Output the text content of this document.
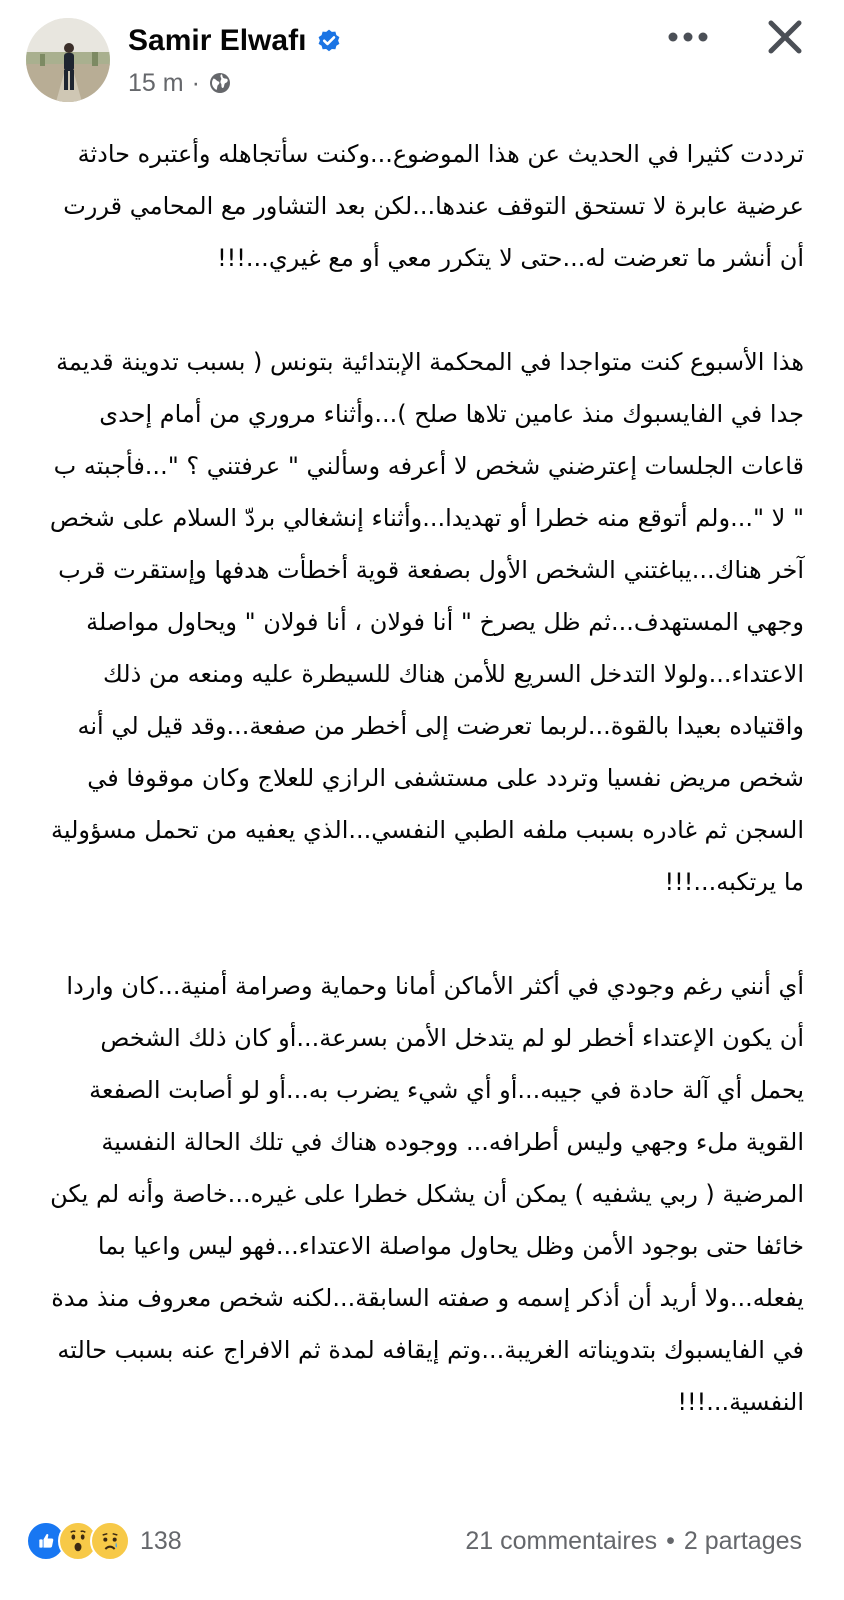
Samir Elwafı
15 m ·

ترددت كثيرا في الحديث عن هذا الموضوع...وكنت سأتجاهله وأعتبره حادثة عرضية عابرة لا تستحق التوقف عندها...لكن بعد التشاور مع المحامي قررت أن أنشر ما تعرضت له...حتى لا يتكرر معي أو مع غيري...!!!

هذا الأسبوع كنت متواجدا في المحكمة الإبتدائية بتونس ( بسبب تدوينة قديمة جدا في الفايسبوك منذ عامين تلاها صلح )...وأثناء مروري من أمام إحدى قاعات الجلسات إعترضني شخص لا أعرفه وسألني " عرفتني ؟ "...فأجبته ب " لا "...ولم أتوقع منه خطرا أو تهديدا...وأثناء إنشغالي بردّ السلام على شخص آخر هناك...يباغتني الشخص الأول بصفعة قوية أخطأت هدفها وإستقرت قرب وجهي المستهدف...ثم ظل يصرخ " أنا فولان ، أنا فولان " ويحاول مواصلة الاعتداء...ولولا التدخل السريع للأمن هناك للسيطرة عليه ومنعه من ذلك واقتياده بعيدا بالقوة...لربما تعرضت إلى أخطر من صفعة...وقد قيل لي أنه شخص مريض نفسيا وتردد على مستشفى الرازي للعلاج وكان موقوفا في السجن ثم غادره بسبب ملفه الطبي النفسي...الذي يعفيه من تحمل مسؤولية ما يرتكبه...!!!

أي أنني رغم وجودي في أكثر الأماكن أمانا وحماية وصرامة أمنية...كان واردا أن يكون الإعتداء أخطر لو لم يتدخل الأمن بسرعة...أو كان ذلك الشخص يحمل أي آلة حادة في جيبه...أو أي شيء يضرب به...أو لو أصابت الصفعة القوية ملء وجهي وليس أطرافه... ووجوده هناك في تلك الحالة النفسية المرضية ( ربي يشفيه ) يمكن أن يشكل خطرا على غيره...خاصة وأنه لم يكن خائفا حتى بوجود الأمن وظل يحاول مواصلة الاعتداء...فهو ليس واعيا بما يفعله...ولا أريد أن أذكر إسمه و صفته السابقة...لكنه شخص معروف منذ مدة في الفايسبوك بتدويناته الغريبة...وتم إيقافه لمدة ثم الافراج عنه بسبب حالته النفسية...!!!

138	21 commentaires • 2 partages
